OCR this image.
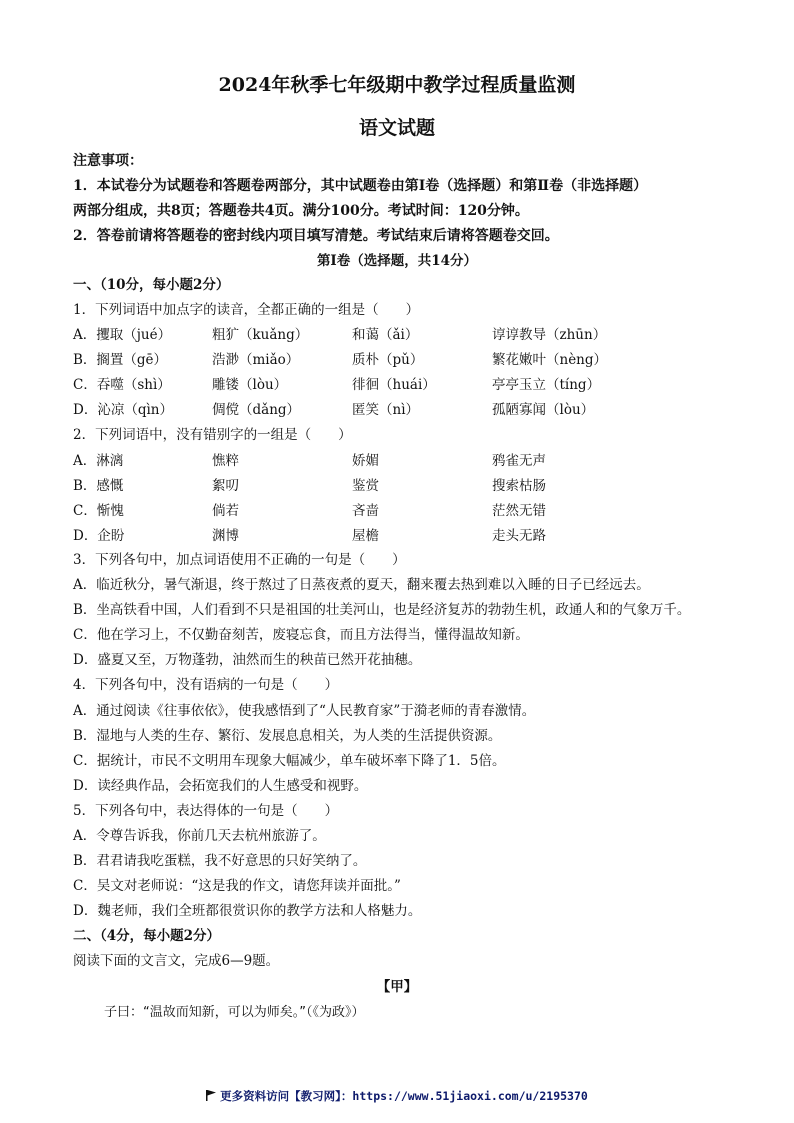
2024年秋季七年级期中教学过程质量监测
语文试题
注意事项：
1．本试卷分为试题卷和答题卷两部分，其中试题卷由第Ⅰ卷（选择题）和第Ⅱ卷（非选择题）
两部分组成，共8页；答题卷共4页。满分100分。考试时间：120分钟。
2．答卷前请将答题卷的密封线内项目填写清楚。考试结束后请将答题卷交回。
第Ⅰ卷（选择题，共14分）
一、（10分，每小题2分）
1．下列词语中加点字的读音，全都正确的一组是（　　）
A．攫取（jué）	粗犷（kuǎng）	和蔼（ǎi）	谆谆教导（zhūn）
B．搁置（gē）	浩渺（miǎo）	质朴（pǔ）	繁花嫩叶（nèng）
C．吞噬（shì）	雕镂（lòu）	徘徊（huái）	亭亭玉立（tíng）
D．沁凉（qìn）	倜傥（dǎng）	匿笑（nì）	孤陋寡闻（lòu）
2．下列词语中，没有错别字的一组是（　　）
A．淋漓	憔粹	娇媚	鸦雀无声
B．感慨	絮叨	鉴赏	搜索枯肠
C．惭愧	倘若	吝啬	茫然无错
D．企盼	渊博	屋檐	走头无路
3．下列各句中，加点词语使用不正确的一句是（　　）
A．临近秋分，暑气渐退，终于熬过了日蒸夜煮的夏天，翻来覆去热到难以入睡的日子已经远去。
B．坐高铁看中国，人们看到不只是祖国的壮美河山，也是经济复苏的勃勃生机，政通人和的气象万千。
C．他在学习上，不仅勤奋刻苦，废寝忘食，而且方法得当，懂得温故知新。
D．盛夏又至，万物蓬勃，油然而生的秧苗已然开花抽穗。
4．下列各句中，没有语病的一句是（　　）
A．通过阅读《往事依依》，使我感悟到了“人民教育家”于漪老师的青春激情。
B．湿地与人类的生存、繁衍、发展息息相关，为人类的生活提供资源。
C．据统计，市民不文明用车现象大幅减少，单车破坏率下降了1．5倍。
D．读经典作品，会拓宽我们的人生感受和视野。
5．下列各句中，表达得体的一句是（　　）
A．令尊告诉我，你前几天去杭州旅游了。
B．君君请我吃蛋糕，我不好意思的只好笑纳了。
C．吴文对老师说：“这是我的作文，请您拜读并面批。”
D．魏老师，我们全班都很赏识你的教学方法和人格魅力。
二、（4分，每小题2分）
阅读下面的文言文，完成6—9题。
【甲】
子曰：“温故而知新，可以为师矣。”（《为政》）
更多资料访问【教习网】：https://www.51jiaoxi.com/u/2195370
